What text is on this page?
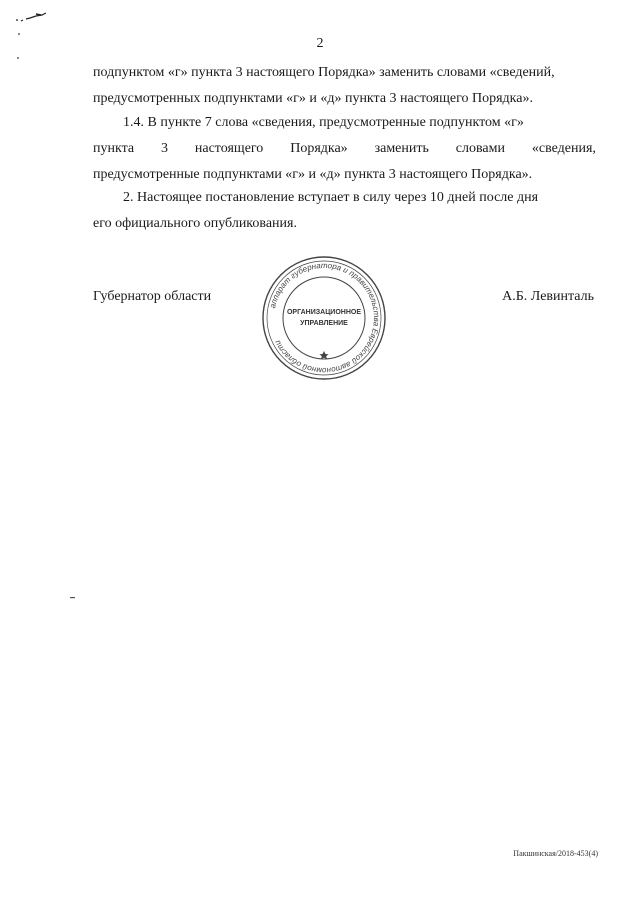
2
подпунктом «г» пункта 3 настоящего Порядка» заменить словами «сведений,
предусмотренных подпунктами «г» и «д» пункта 3 настоящего Порядка».
1.4. В пункте 7 слова «сведения, предусмотренные подпунктом «г»
пункта 3 настоящего Порядка» заменить словами «сведения,
предусмотренные подпунктами «г» и «д» пункта 3 настоящего Порядка».
2. Настоящее постановление вступает в силу через 10 дней после дня
его официального опубликования.
Губернатор области	А.Б. Левинталь
аппарат губернатора и правительства Еврейской автономной области
ОРГАНИЗАЦИОННОЕ
УПРАВЛЕНИЕ
Пакшинская/2018-453(4)
